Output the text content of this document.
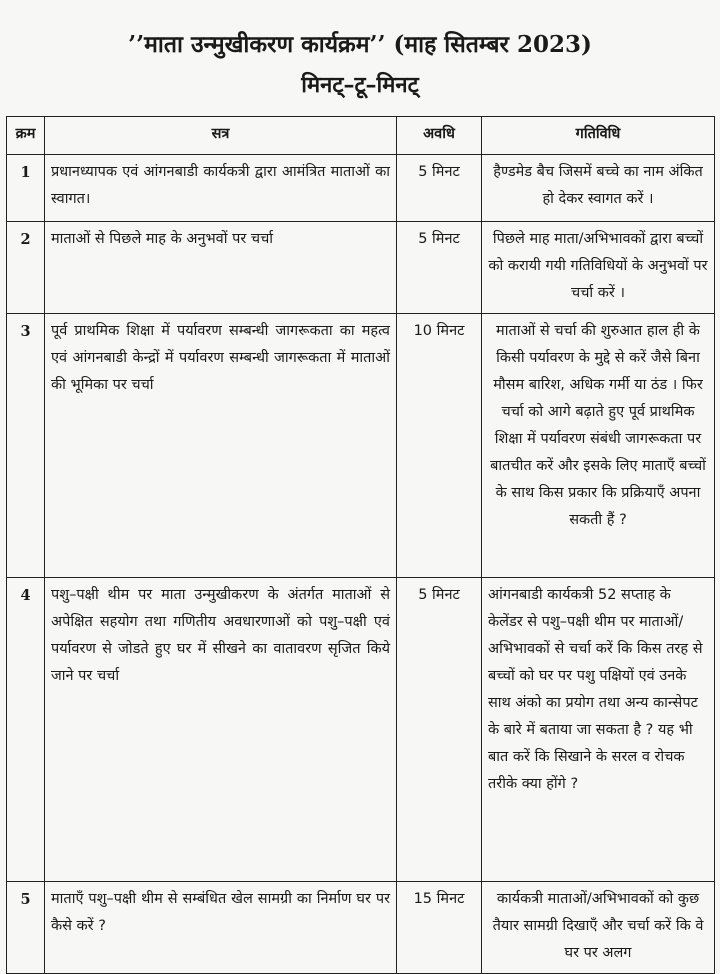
’’माता उन्मुखीकरण कार्यक्रम’’ (माह सितम्बर 2023)
मिनट्–टू–मिनट्
क्रम	सत्र	अवधि	गतिविधि
1	प्रधानध्यापक एवं आंगनबाडी कार्यकत्री द्वारा आमंत्रित माताओं का स्वागत।	5 मिनट	हैण्डमेड बैच जिसमें बच्चे का नाम अंकित हो देकर स्वागत करें ।
2	माताओं से पिछले माह के अनुभवों पर चर्चा	5 मिनट	पिछले माह माता/अभिभावकों द्वारा बच्चों को करायी गयी गतिविधियों के अनुभवों पर चर्चा करें ।
3	पूर्व प्राथमिक शिक्षा में पर्यावरण सम्बन्धी जागरूकता का महत्व एवं आंगनबाडी केन्द्रों में पर्यावरण सम्बन्धी जागरूकता में माताओं की भूमिका पर चर्चा	10 मिनट	माताओं से चर्चा की शुरुआत हाल ही के किसी पर्यावरण के मुद्दे से करें जैसे बिना मौसम बारिश, अधिक गर्मी या ठंड । फिर चर्चा को आगे बढ़ाते हुए पूर्व प्राथमिक शिक्षा में पर्यावरण संबंधी जागरूकता पर बातचीत करें और इसके लिए माताएँ बच्चों के साथ किस प्रकार कि प्रक्रियाएँ अपना सकती हैं ?
4	पशु–पक्षी थीम पर माता उन्मुखीकरण के अंतर्गत माताओं से अपेक्षित सहयोग तथा गणितीय अवधारणाओं को पशु–पक्षी एवं पर्यावरण से जोडते हुए घर में सीखने का वातावरण सृजित किये जाने पर चर्चा	5 मिनट	आंगनबाडी कार्यकत्री 52 सप्ताह के केलेंडर से पशु–पक्षी थीम पर माताओं/अभिभावकों से चर्चा करें कि किस तरह से बच्चों को घर पर पशु पक्षियों एवं उनके साथ अंको का प्रयोग तथा अन्य कान्सेपट के बारे में बताया जा सकता है ? यह भी बात करें कि सिखाने के सरल व रोचक तरीके क्या होंगे ?
5	माताएँ पशु–पक्षी थीम से सम्बंधित खेल सामग्री का निर्माण घर पर कैसे करें ?	15 मिनट	कार्यकत्री माताओं/अभिभावकों को कुछ तैयार सामग्री दिखाएँ और चर्चा करें कि वे घर पर अलग
